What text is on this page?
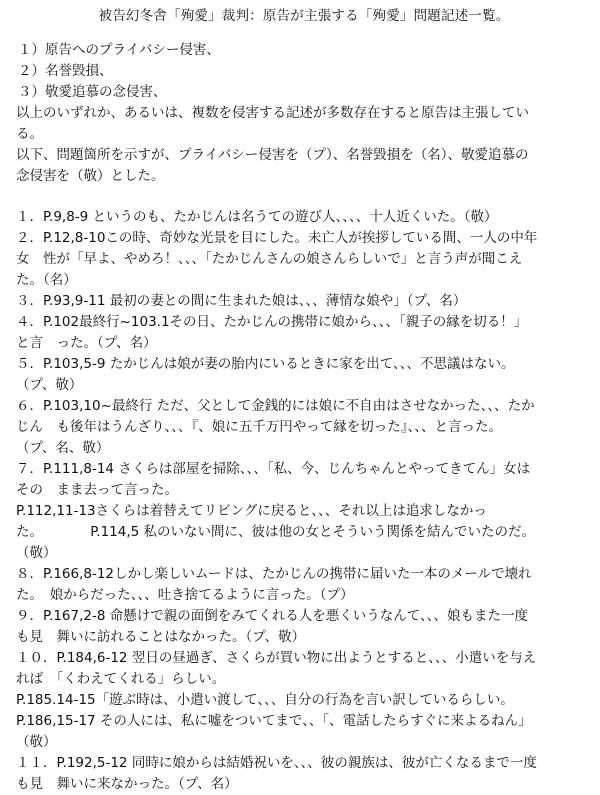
被告幻冬舎「殉愛」裁判：原告が主張する「殉愛」問題記述一覧。

１）原告へのプライバシー侵害、

２）名誉毀損、

３）敬愛追慕の念侵害、

以上のいずれか、あるいは、複数を侵害する記述が多数存在すると原告は主張してい

る。

以下、問題箇所を示すが、プライバシー侵害を（プ）、名誉毀損を（名）、敬愛追慕の

念侵害を（敬）とした。

１．P.9,8-9 というのも、たかじんは名うての遊び人、、、、十人近くいた。（敬）

２．P.12,8-10この時、奇妙な光景を目にした。未亡人が挨拶している間、一人の中年

女　性が「早よ、やめろ！、、、「たかじんさんの娘さんらしいで」と言う声が聞こえ

た。（名）

３．P.93,9-11 最初の妻との間に生まれた娘は、、、薄情な娘や」（プ、名）

４．P.102最終行~103.1その日、たかじんの携帯に娘から、、、「親子の縁を切る！」

と言　った。（プ、名）

５．P.103,5-9 たかじんは娘が妻の胎内にいるときに家を出て、、、不思議はない。

（プ、敬）

６．P.103,10~最終行 ただ、父として金銭的には娘に不自由はさせなかった、、、たか

じん　も後年はうんざり、、、『、娘に五千万円やって縁を切った』、、、と言った。

（プ、名、敬）

７．P.111,8-14 さくらは部屋を掃除、、、「私、今、じんちゃんとやってきてん」女は

その　まま去って言った。

P.112,11-13さくらは着替えてリビングに戻ると、、、それ以上は追求しなかっ

た。　　　　P.114,5 私のいない間に、彼は他の女とそういう関係を結んでいたのだ。

（敬）

８．P.166,8-12しかし楽しいムードは、たかじんの携帯に届いた一本のメールで壊れ

た。　娘からだった、、、吐き捨てるように言った。（プ）

９．P.167,2-8 命懸けで親の面倒をみてくれる人を悪くいうなんて、、、娘もまた一度

も見　舞いに訪れることはなかった。（プ、敬）

１０．P.184,6-12 翌日の昼過ぎ、さくらが買い物に出ようとすると、、、小遣いを与え

れば　「くわえてくれる」らしい。

P.185.14-15「遊ぶ時は、小遣い渡して、、、自分の行為を言い訳しているらしい。

P.186,15-17 その人には、私に嘘をついてまで、、「、電話したらすぐに来よるねん」

（敬）

１１．P.192,5-12 同時に娘からは結婚祝いを、、、彼の親族は、彼が亡くなるまで一度

も見　舞いに来なかった。（プ、名）
